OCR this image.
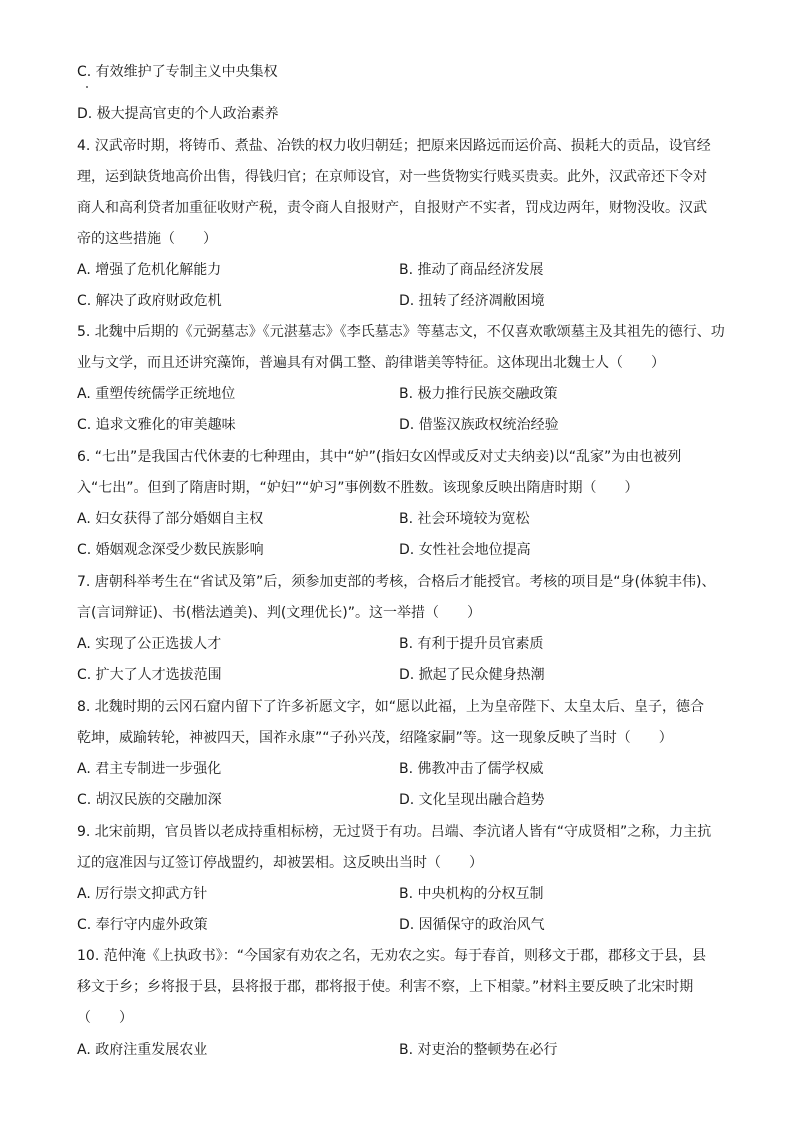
C. 有效维护了专制主义中央集权
D. 极大提高官吏的个人政治素养
4. 汉武帝时期，将铸币、煮盐、冶铁的权力收归朝廷；把原来因路远而运价高、损耗大的贡品，设官经
理，运到缺货地高价出售，得钱归官；在京师设官，对一些货物实行贱买贵卖。此外，汉武帝还下令对
商人和高利贷者加重征收财产税，责令商人自报财产，自报财产不实者，罚戍边两年，财物没收。汉武
帝的这些措施（　　）
A. 增强了危机化解能力	B. 推动了商品经济发展
C. 解决了政府财政危机	D. 扭转了经济凋敝困境
5. 北魏中后期的《元弼墓志》《元湛墓志》《李氏墓志》等墓志文，不仅喜欢歌颂墓主及其祖先的德行、功
业与文学，而且还讲究藻饰，普遍具有对偶工整、韵律谐美等特征。这体现出北魏士人（　　）
A. 重塑传统儒学正统地位	B. 极力推行民族交融政策
C. 追求文雅化的审美趣味	D. 借鉴汉族政权统治经验
6. “七出”是我国古代休妻的七种理由，其中“妒”(指妇女凶悍或反对丈夫纳妾)以“乱家”为由也被列
入“七出”。但到了隋唐时期，“妒妇”“妒习”事例数不胜数。该现象反映出隋唐时期（　　）
A. 妇女获得了部分婚姻自主权	B. 社会环境较为宽松
C. 婚姻观念深受少数民族影响	D. 女性社会地位提高
7. 唐朝科举考生在“省试及第”后，须参加吏部的考核，合格后才能授官。考核的项目是“身(体貌丰伟)、
言(言词辩证)、书(楷法遒美)、判(文理优长)”。这一举措（　　）
A. 实现了公正选拔人才	B. 有利于提升员官素质
C. 扩大了人才选拔范围	D. 掀起了民众健身热潮
8. 北魏时期的云冈石窟内留下了许多祈愿文字，如“愿以此福，上为皇帝陛下、太皇太后、皇子，德合
乾坤，威踰转轮，神被四天，国祚永康”“子孙兴茂，绍隆家嗣”等。这一现象反映了当时（　　）
A. 君主专制进一步强化	B. 佛教冲击了儒学权威
C. 胡汉民族的交融加深	D. 文化呈现出融合趋势
9. 北宋前期，官员皆以老成持重相标榜，无过贤于有功。吕端、李沆诸人皆有“守成贤相”之称，力主抗
辽的寇准因与辽签订停战盟约，却被罢相。这反映出当时（　　）
A. 厉行崇文抑武方针	B. 中央机构的分权互制
C. 奉行守内虚外政策	D. 因循保守的政治风气
10. 范仲淹《上执政书》：“今国家有劝农之名，无劝农之实。每于春首，则移文于郡，郡移文于县，县
移文于乡；乡将报于县，县将报于郡，郡将报于使。利害不察，上下相蒙。”材料主要反映了北宋时期
（　　）
A. 政府注重发展农业	B. 对吏治的整顿势在必行
